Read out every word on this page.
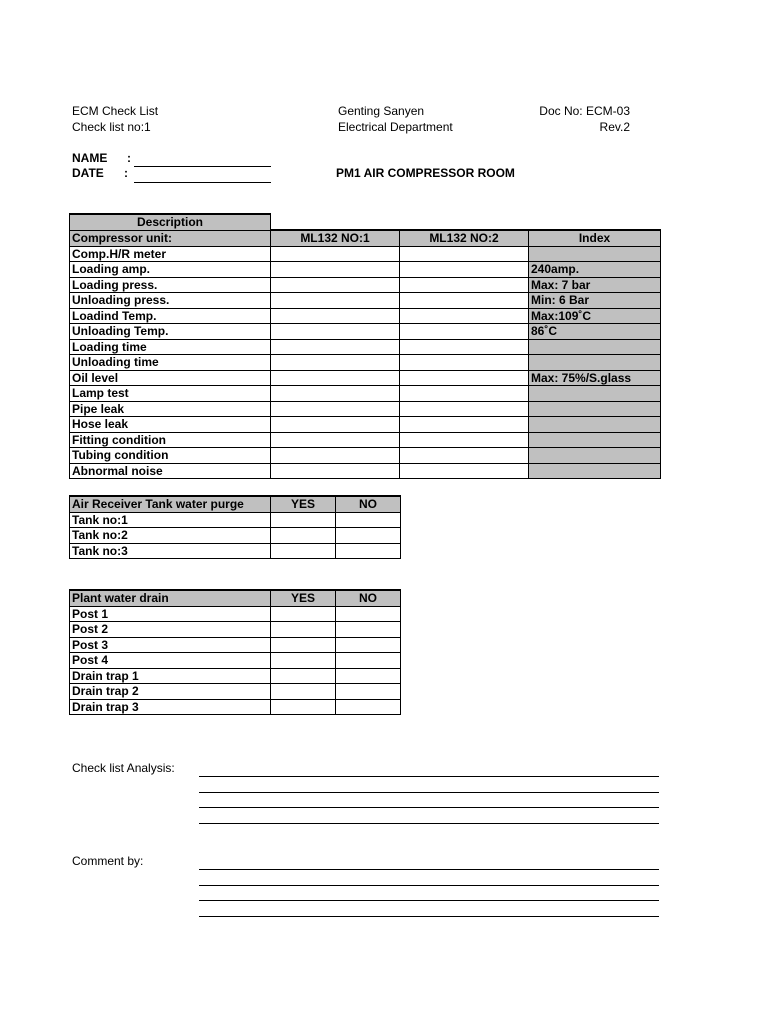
ECM Check List
Check list no:1
Genting Sanyen
Electrical Department
Doc No: ECM-03
Rev.2
NAME :
DATE :	PM1 AIR COMPRESSOR ROOM
Description			
Compressor unit:	ML132 NO:1	ML132 NO:2	Index
Comp.H/R meter			
Loading amp.			240amp.
Loading press.			Max: 7 bar
Unloading press.			Min: 6 Bar
Loadind Temp.			Max:109˚C
Unloading Temp.			86˚C
Loading time			
Unloading time			
Oil level			Max: 75%/S.glass
Lamp test			
Pipe leak			
Hose leak			
Fitting condition			
Tubing condition			
Abnormal noise			
Air Receiver Tank water purge	YES	NO
Tank no:1		
Tank no:2		
Tank no:3		
Plant water drain	YES	NO
Post 1		
Post 2		
Post 3		
Post 4		
Drain trap 1		
Drain trap 2		
Drain trap 3		
Check list Analysis:
Comment by:
